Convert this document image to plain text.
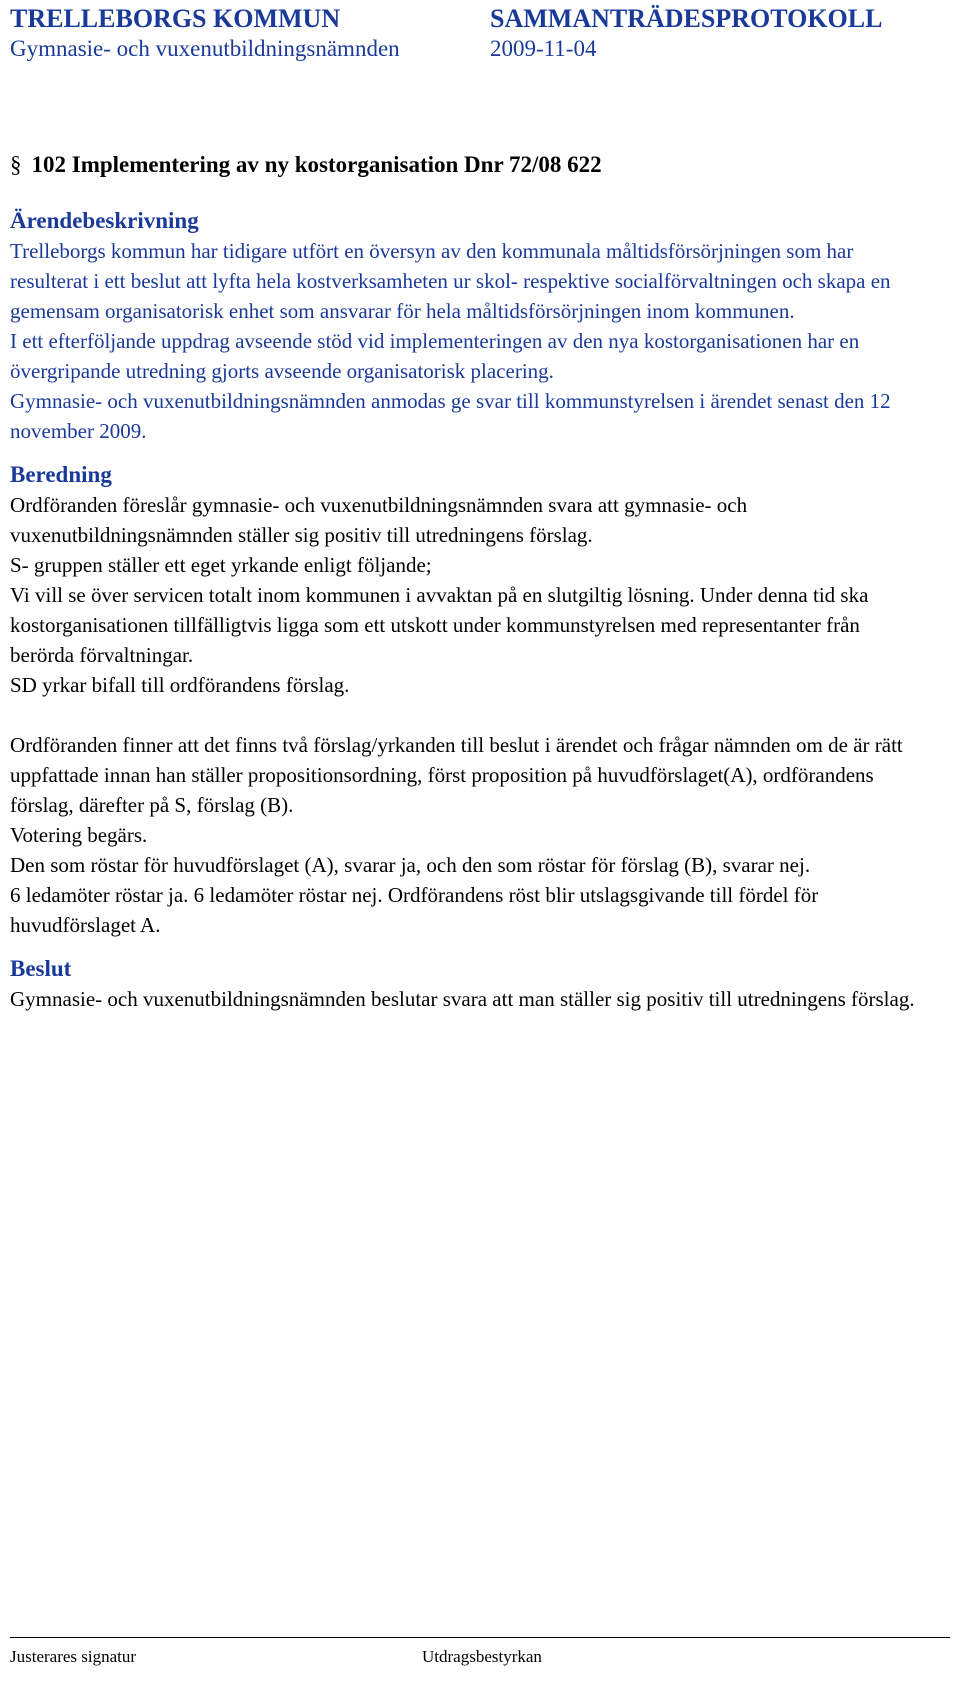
TRELLEBORGS KOMMUN	SAMMANTRÄDESPROTOKOLL
Gymnasie- och vuxenutbildningsnämnden	2009-11-04
§ 102 Implementering av ny kostorganisation Dnr 72/08 622
Ärendebeskrivning

Trelleborgs kommun har tidigare utfört en översyn av den kommunala måltidsförsörjningen som har resulterat i ett beslut att lyfta hela kostverksamheten ur skol- respektive socialförvaltningen och skapa en gemensam organisatorisk enhet som ansvarar för hela måltidsförsörjningen inom kommunen.

I ett efterföljande uppdrag avseende stöd vid implementeringen av den nya kostorganisationen har en övergripande utredning gjorts avseende organisatorisk placering.

Gymnasie- och vuxenutbildningsnämnden anmodas ge svar till kommunstyrelsen i ärendet senast den 12 november 2009.

Beredning

Ordföranden föreslår gymnasie- och vuxenutbildningsnämnden svara att gymnasie- och vuxenutbildningsnämnden ställer sig positiv till utredningens förslag.

S- gruppen ställer ett eget yrkande enligt följande;

Vi vill se över servicen totalt inom kommunen i avvaktan på en slutgiltig lösning. Under denna tid ska kostorganisationen tillfälligtvis ligga som ett utskott under kommunstyrelsen med representanter från berörda förvaltningar.

SD yrkar bifall till ordförandens förslag.

Ordföranden finner att det finns två förslag/yrkanden till beslut i ärendet och frågar nämnden om de är rätt uppfattade innan han ställer propositionsordning, först proposition på huvudförslaget(A), ordförandens förslag, därefter på S, förslag (B).

Votering begärs.

Den som röstar för huvudförslaget (A), svarar ja, och den som röstar för förslag (B), svarar nej.

6 ledamöter röstar ja. 6 ledamöter röstar nej. Ordförandens röst blir utslagsgivande till fördel för huvudförslaget A.

Beslut

Gymnasie- och vuxenutbildningsnämnden beslutar svara att man ställer sig positiv till utredningens förslag.

Justerares signatur	Utdragsbestyrkan
